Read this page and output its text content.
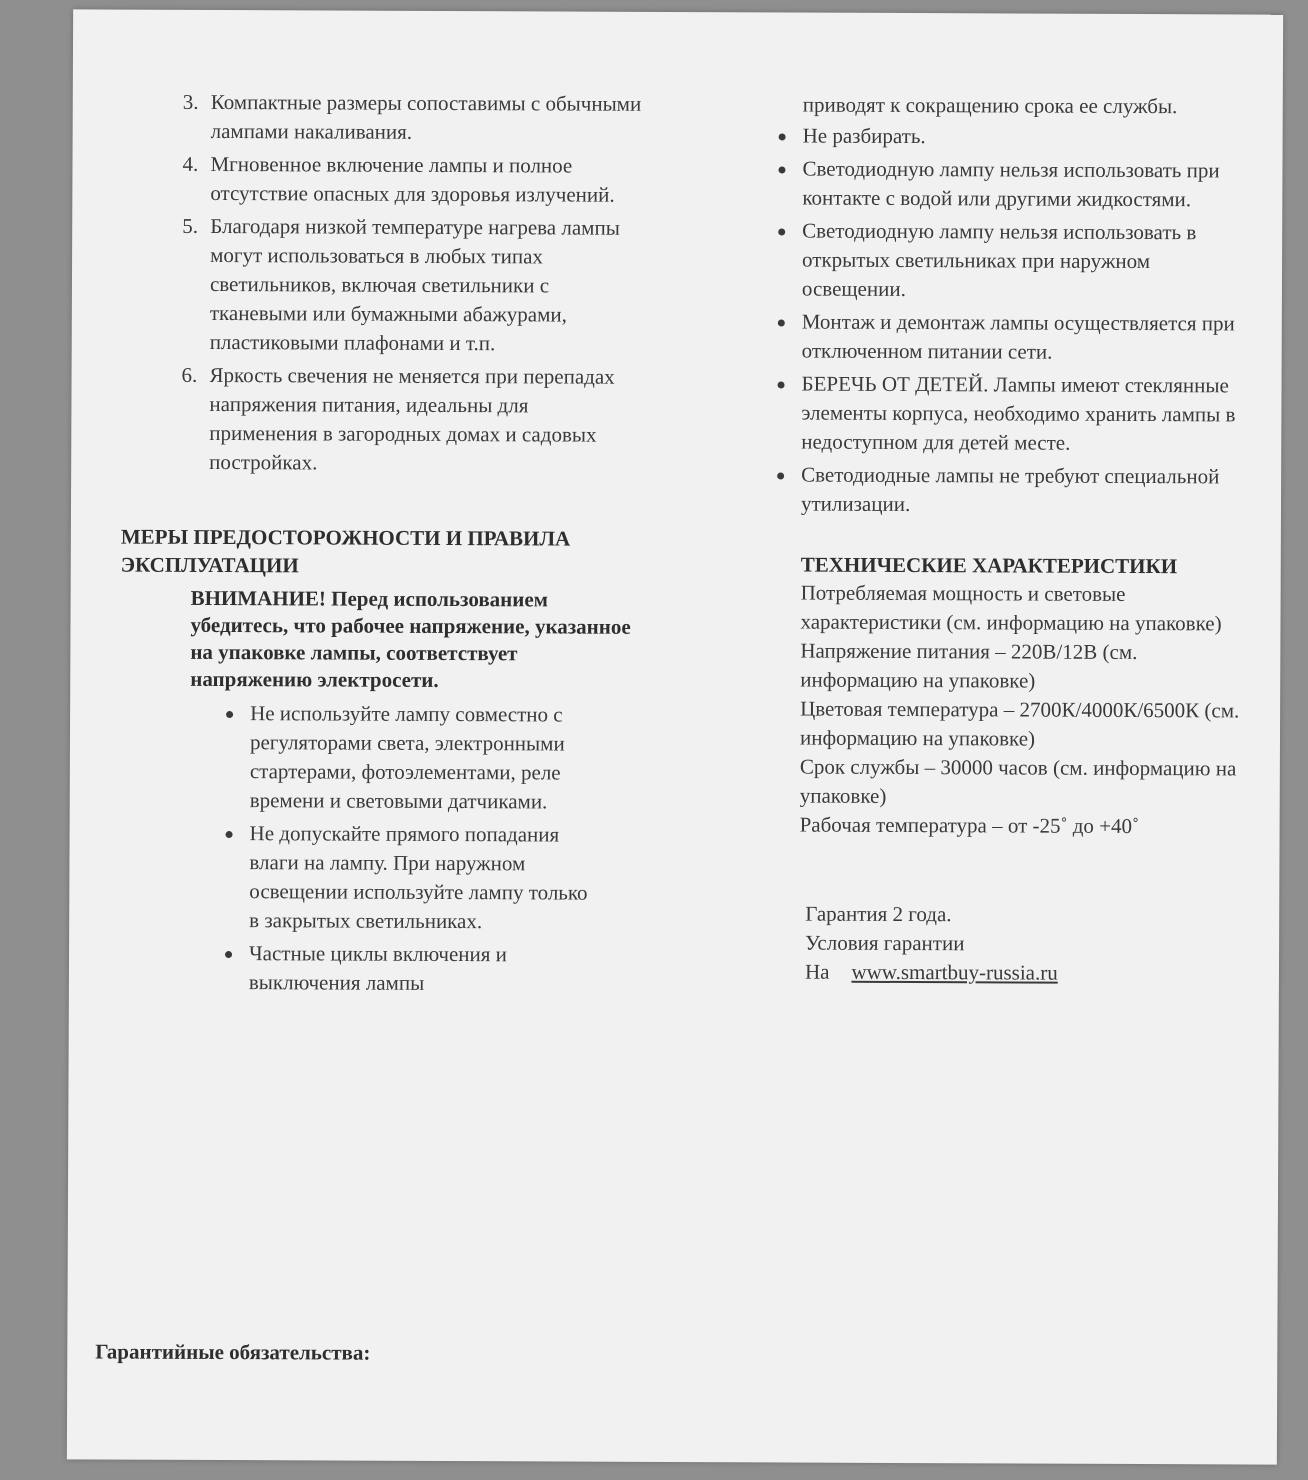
3. Компактные размеры сопоставимы с обычными лампами накаливания.
4. Мгновенное включение лампы и полное отсутствие опасных для здоровья излучений.
5. Благодаря низкой температуре нагрева лампы могут использоваться в любых типах светильников, включая светильники с тканевыми или бумажными абажурами, пластиковыми плафонами и т.п.
6. Яркость свечения не меняется при перепадах напряжения питания, идеальны для применения в загородных домах и садовых постройках.
МЕРЫ ПРЕДОСТОРОЖНОСТИ И ПРАВИЛА ЭКСПЛУАТАЦИИ
ВНИМАНИЕ! Перед использованием убедитесь, что рабочее напряжение, указанное на упаковке лампы, соответствует напряжению электросети.
Не используйте лампу совместно с регуляторами света, электронными стартерами, фотоэлементами, реле времени и световыми датчиками.
Не допускайте прямого попадания влаги на лампу. При наружном освещении используйте лампу только в закрытых светильниках.
Частные циклы включения и выключения лампы
приводят к сокращению срока ее службы.
Не разбирать.
Светодиодную лампу нельзя использовать при контакте с водой или другими жидкостями.
Светодиодную лампу нельзя использовать в открытых светильниках при наружном освещении.
Монтаж и демонтаж лампы осуществляется при отключенном питании сети.
БЕРЕЧЬ ОТ ДЕТЕЙ. Лампы имеют стеклянные элементы корпуса, необходимо хранить лампы в недоступном для детей месте.
Светодиодные лампы не требуют специальной утилизации.
ТЕХНИЧЕСКИЕ ХАРАКТЕРИСТИКИ

Потребляемая мощность и световые характеристики (см. информацию на упаковке)

Напряжение питания – 220В/12В (см. информацию на упаковке)

Цветовая температура – 2700К/4000К/6500К (см. информацию на упаковке)

Срок службы – 30000 часов (см. информацию на упаковке)

Рабочая температура – от -25˚ до +40˚

Гарантия 2 года.
Условия гарантии
На www.smartbuy-russia.ru
Гарантийные обязательства:
